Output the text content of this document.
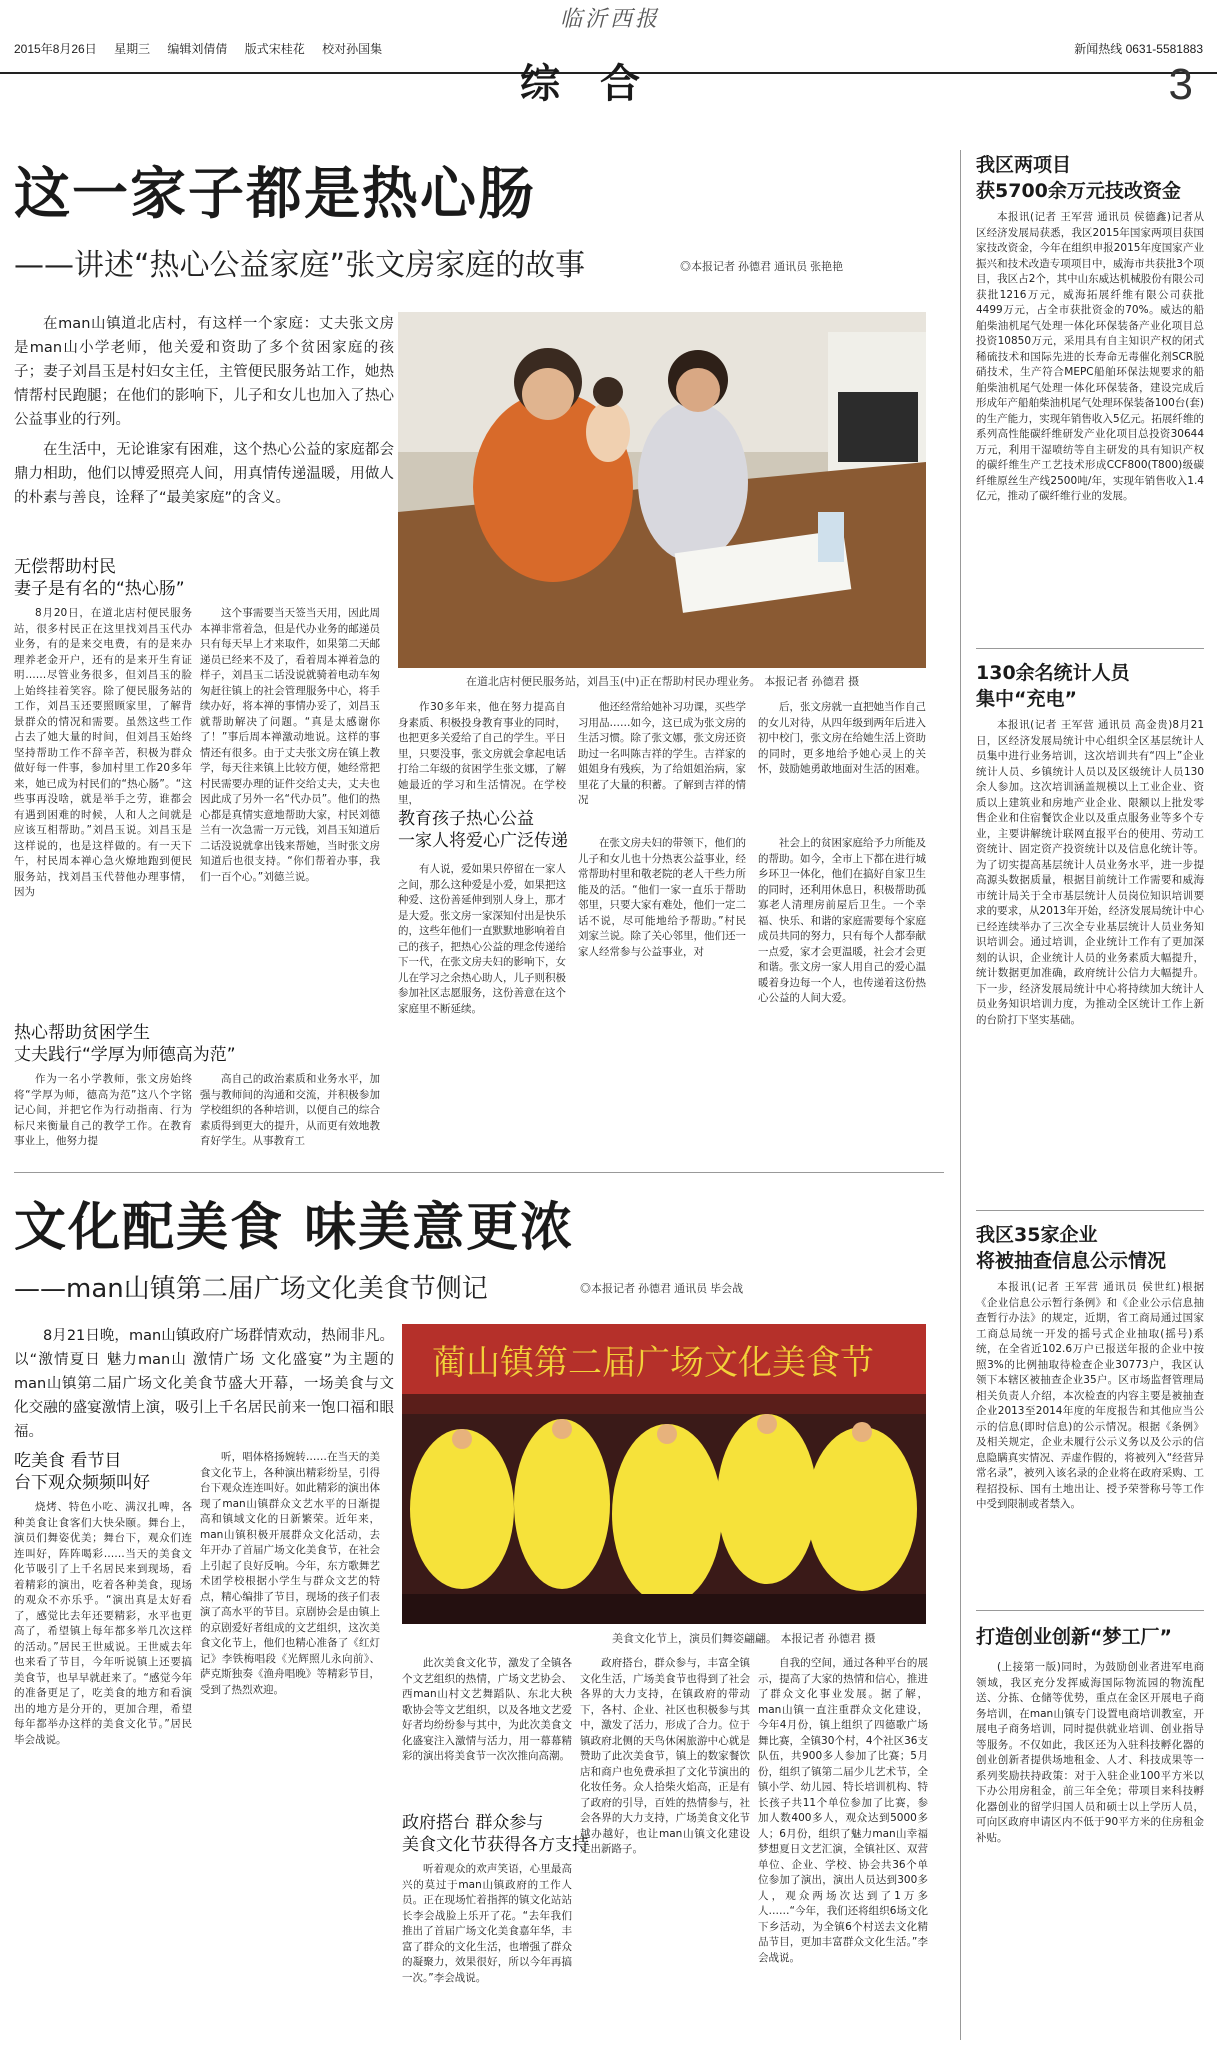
临沂西报
2015年8月26日 星期三 编辑刘倩倩 版式宋桂花 校对孙国集	新闻热线 0631-5581883
综合	3
这一家子都是热心肠
——讲述“热心公益家庭”张文房家庭的故事	◎本报记者 孙德君 通讯员 张艳艳

在man山镇道北店村，有这样一个家庭：丈夫张文房是man山小学老师，他关爱和资助了多个贫困家庭的孩子；妻子刘昌玉是村妇女主任，主管便民服务站工作，她热情帮村民跑腿；在他们的影响下，儿子和女儿也加入了热心公益事业的行列。

在生活中，无论谁家有困难，这个热心公益的家庭都会鼎力相助，他们以博爱照亮人间，用真情传递温暖，用做人的朴素与善良，诠释了“最美家庭”的含义。

在道北店村便民服务站，刘昌玉(中)正在帮助村民办理业务。 本报记者 孙德君 摄
无偿帮助村民
妻子是有名的“热心肠”

8月20日，在道北店村便民服务站，很多村民正在这里找刘昌玉代办业务，有的是来交电费，有的是来办理养老金开户，还有的是来开生育证明……尽管业务很多，但刘昌玉的脸上始终挂着笑容。除了便民服务站的工作，刘昌玉还要照顾家里，了解背景群众的情况和需要。虽然这些工作占去了她大量的时间，但刘昌玉始终坚持帮助工作不辞辛苦，积极为群众做好每一件事，参加村里工作20多年来，她已成为村民们的“热心肠”。“这些事再没啥，就是举手之劳，谁都会有遇到困难的时候，人和人之间就是应该互相帮助。”刘昌玉说。刘昌玉是这样说的，也是这样做的。有一天下午，村民周本禅心急火燎地跑到便民服务站，找刘昌玉代替他办理事情，因为

这个事需要当天签当天用，因此周本禅非常着急，但是代办业务的邮递员只有每天早上才来取件，如果第二天邮递员已经来不及了，看着周本禅着急的样子，刘昌玉二话没说就骑着电动车匆匆赶往镇上的社会管理服务中心，将手续办好，将本禅的事情办妥了，刘昌玉就帮助解决了问题。“真是太感谢你了！”事后周本禅激动地说。这样的事情还有很多。由于丈夫张文房在镇上教学，每天往来镇上比较方便，她经常把村民需要办理的证件交给丈夫，丈夫也因此成了另外一名“代办员”。他们的热心都是真情实意地帮助大家，村民刘德兰有一次急需一万元钱，刘昌玉知道后二话没说就拿出钱来帮她，当时张文房知道后也很支持。“你们帮着办事，我们一百个心。”刘德兰说。

作30多年来，他在努力提高自身素质、积极投身教育事业的同时，也把更多关爱给了自己的学生。平日里，只要没事，张文房就会拿起电话打给二年级的贫困学生张文娜，了解她最近的学习和生活情况。在学校里，

他还经常给她补习功课，买些学习用品……如今，这已成为张文房的生活习惯。除了张文娜，张文房还资助过一名叫陈吉祥的学生。吉祥家的姐姐身有残疾，为了给姐姐治病，家里花了大量的积蓄。了解到吉祥的情况

后，张文房就一直把她当作自己的女儿对待，从四年级到两年后进入初中校门，张文房在给她生活上资助的同时，更多地给予她心灵上的关怀，鼓励她勇敢地面对生活的困难。

教育孩子热心公益
一家人将爱心广泛传递

有人说，爱如果只停留在一家人之间，那么这种爱是小爱，如果把这种爱、这份善延伸到别人身上，那才是大爱。张文房一家深知付出是快乐的，这些年他们一直默默地影响着自己的孩子，把热心公益的理念传递给下一代，在张文房夫妇的影响下，女儿在学习之余热心助人，儿子则积极参加社区志愿服务，这份善意在这个家庭里不断延续。

在张文房夫妇的带领下，他们的儿子和女儿也十分热衷公益事业，经常帮助村里和敬老院的老人干些力所能及的活。“他们一家一直乐于帮助邻里，只要大家有难处，他们一定二话不说，尽可能地给予帮助。”村民刘家兰说。除了关心邻里，他们还一家人经常参与公益事业，对

社会上的贫困家庭给予力所能及的帮助。如今，全市上下都在进行城乡环卫一体化，他们在搞好自家卫生的同时，还利用休息日，积极帮助孤寡老人清理房前屋后卫生。一个幸福、快乐、和谐的家庭需要每个家庭成员共同的努力，只有每个人都奉献一点爱，家才会更温暖，社会才会更和谐。张文房一家人用自己的爱心温暖着身边每一个人，也传递着这份热心公益的人间大爱。

热心帮助贫困学生
丈夫践行“学厚为师德高为范”

作为一名小学教师，张文房始终将“学厚为师，德高为范”这八个字铭记心间，并把它作为行动指南、行为标尺来衡量自己的教学工作。在教育事业上，他努力提

高自己的政治素质和业务水平，加强与教师间的沟通和交流，并积极参加学校组织的各种培训，以便自己的综合素质得到更大的提升，从而更有效地教育好学生。从事教育工

文化配美食 味美意更浓
——man山镇第二届广场文化美食节侧记	◎本报记者 孙德君 通讯员 毕会战
8月21日晚，man山镇政府广场群情欢动，热闹非凡。以“激情夏日 魅力man山 激情广场 文化盛宴”为主题的man山镇第二届广场文化美食节盛大开幕，一场美食与文化交融的盛宴激情上演，吸引上千名居民前来一饱口福和眼福。
蔺山镇第二届广场文化美食节
美食文化节上，演员们舞姿翩翩。 本报记者 孙德君 摄
吃美食 看节目
台下观众频频叫好

烧烤、特色小吃、满汉扎啤，各种美食让食客们大快朵颐。舞台上，演员们舞姿优美；舞台下，观众们连连叫好，阵阵喝彩……当天的美食文化节吸引了上千名居民来到现场，看着精彩的演出，吃着各种美食，现场的观众不亦乐乎。“演出真是太好看了，感觉比去年还要精彩，水平也更高了，希望镇上每年都多举几次这样的活动。”居民王世威说。王世威去年也来看了节目，今年听说镇上还要搞美食节，也早早就赶来了。“感觉今年的准备更足了，吃美食的地方和看演出的地方是分开的，更加合理，希望每年都举办这样的美食文化节。”居民毕会战说。

听，唱体格扬婉转……在当天的美食文化节上，各种演出精彩纷呈，引得台下观众连连叫好。如此精彩的演出体现了man山镇群众文艺水平的日渐提高和镇域文化的日新繁荣。近年来，man山镇积极开展群众文化活动，去年开办了首届广场文化美食节，在社会上引起了良好反响。今年，东方歌舞艺术团学校根据小学生与群众文艺的特点，精心编排了节目，现场的孩子们表演了高水平的节目。京剧协会是由镇上的京剧爱好者组成的文艺组织，这次美食文化节上，他们也精心准备了《红灯记》李铁梅唱段《光辉照儿永向前》、萨克斯独奏《渔舟唱晚》等精彩节目，受到了热烈欢迎。

此次美食文化节，激发了全镇各个文艺组织的热情，广场文艺协会、西man山村文艺舞蹈队、东北大秧歌协会等文艺组织，以及各地文艺爱好者均纷纷参与其中，为此次美食文化盛宴注入激情与活力，用一幕幕精彩的演出将美食节一次次推向高潮。

政府搭台 群众参与
美食文化节获得各方支持

听着观众的欢声笑语，心里最高兴的莫过于man山镇政府的工作人员。正在现场忙着指挥的镇文化站站长李会战脸上乐开了花。“去年我们推出了首届广场文化美食嘉年华，丰富了群众的文化生活，也增强了群众的凝聚力，效果很好，所以今年再搞一次。”李会战说。

政府搭台，群众参与，丰富全镇文化生活，广场美食节也得到了社会各界的大力支持，在镇政府的带动下，各村、企业、社区也积极参与其中，激发了活力，形成了合力。位于镇政府北侧的天鸟休闲旅游中心就是赞助了此次美食节，镇上的数家餐饮店和商户也免费承担了文化节演出的化妆任务。众人拾柴火焰高，正是有了政府的引导，百姓的热情参与，社会各界的大力支持，广场美食文化节越办越好，也让man山镇文化建设走出新路子。

自我的空间，通过各种平台的展示，提高了大家的热情和信心，推进了群众文化事业发展。据了解，man山镇一直注重群众文化建设，今年4月份，镇上组织了四德歌广场舞比赛，全镇30个村，4个社区36支队伍，共900多人参加了比赛；5月份，组织了镇第二届少儿艺术节，全镇小学、幼儿园、特长培训机构、特长孩子共11个单位参加了比赛，参加人数400多人，观众达到5000多人；6月份，组织了魅力man山幸福梦想夏日文艺汇演，全镇社区、双营单位、企业、学校、协会共36个单位参加了演出，演出人员达到300多人，观众两场次达到了1万多人……“今年，我们还将组织6场文化下乡活动，为全镇6个村送去文化精品节目，更加丰富群众文化生活。”李会战说。

我区两项目
获5700余万元技改资金

本报讯(记者 王军营 通讯员 侯德鑫)记者从区经济发展局获悉，我区2015年国家两项目获国家技改资金，今年在组织申报2015年度国家产业振兴和技术改造专项项目中，威海市共获批3个项目，我区占2个，其中山东威达机械股份有限公司获批1216万元，威海拓展纤维有限公司获批4499万元，占全市获批资金的70%。威达的船舶柴油机尾气处理一体化环保装备产业化项目总投资10850万元，采用具有自主知识产权的闭式稀硫技术和国际先进的长寿命无毒催化剂SCR脱硝技术，生产符合MEPC船舶环保法规要求的船舶柴油机尾气处理一体化环保装备，建设完成后形成年产船舶柴油机尾气处理环保装备100台(套)的生产能力，实现年销售收入5亿元。拓展纤维的系列高性能碳纤维研发产业化项目总投资30644万元，利用干湿喷纺等自主研发的具有知识产权的碳纤维生产工艺技术形成CCF800(T800)级碳纤维原丝生产线2500吨/年，实现年销售收入1.4亿元，推动了碳纤维行业的发展。

130余名统计人员
集中“充电”

本报讯(记者 王军营 通讯员 高金贵)8月21日，区经济发展局统计中心组织全区基层统计人员集中进行业务培训，这次培训共有“四上”企业统计人员、乡镇统计人员以及区级统计人员130余人参加。这次培训涵盖规模以上工业企业、资质以上建筑业和房地产业企业、限额以上批发零售企业和住宿餐饮企业以及重点服务业等多个专业，主要讲解统计联网直报平台的使用、劳动工资统计、固定资产投资统计以及信息化统计等。为了切实提高基层统计人员业务水平，进一步提高源头数据质量，根据目前统计工作需要和威海市统计局关于全市基层统计人员岗位知识培训要求的要求，从2013年开始，经济发展局统计中心已经连续举办了三次全专业基层统计人员业务知识培训会。通过培训，企业统计工作有了更加深刻的认识，企业统计人员的业务素质大幅提升，统计数据更加准确，政府统计公信力大幅提升。下一步，经济发展局统计中心将持续加大统计人员业务知识培训力度，为推动全区统计工作上新的台阶打下坚实基础。

我区35家企业
将被抽查信息公示情况

本报讯(记者 王军营 通讯员 侯世红)根据《企业信息公示暂行条例》和《企业公示信息抽查暂行办法》的规定，近期，省工商局通过国家工商总局统一开发的摇号式企业抽取(摇号)系统，在全省近102.6万户已报送年报的企业中按照3%的比例抽取待检查企业30773户，我区认领下本辖区被抽查企业35户。区市场监督管理局相关负责人介绍，本次检查的内容主要是被抽查企业2013至2014年度的年度报告和其他应当公示的信息(即时信息)的公示情况。根据《条例》及相关规定，企业未履行公示义务以及公示的信息隐瞒真实情况、弄虚作假的，将被列入“经营异常名录”，被列入该名录的企业将在政府采购、工程招投标、国有土地出让、授予荣誉称号等工作中受到限制或者禁入。

打造创业创新“梦工厂”

(上接第一版)同时，为鼓励创业者进军电商领域，我区充分发挥威海国际物流园的物流配送、分拣、仓储等优势，重点在金区开展电子商务培训，在man山镇专门设置电商培训教室，开展电子商务培训，同时提供就业培训、创业指导等服务。不仅如此，我区还为入驻科技孵化器的创业创新者提供场地租金、人才、科技成果等一系列奖励扶持政策：对于入驻企业100平方米以下办公用房租金，前三年全免；带项目来科技孵化器创业的留学归国人员和硕士以上学历人员，可向区政府申请区内不低于90平方米的住房租金补贴。
